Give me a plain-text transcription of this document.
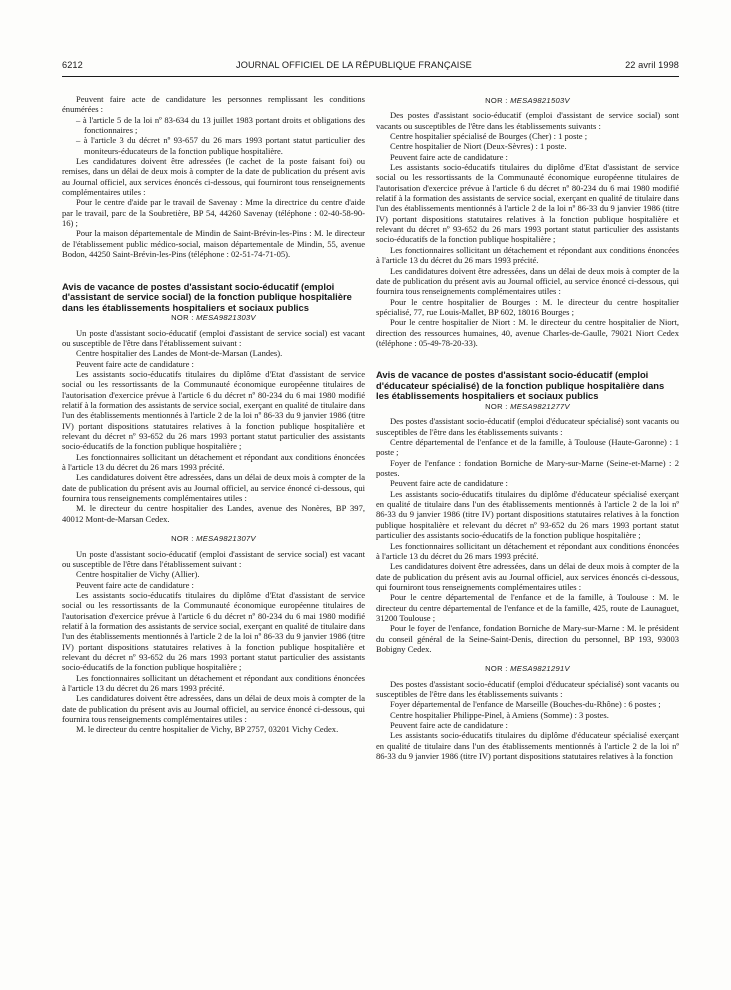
6212	JOURNAL OFFICIEL DE LA RÉPUBLIQUE FRANÇAISE	22 avril 1998

Peuvent faire acte de candidature les personnes remplissant les conditions énumérées :

– à l'article 5 de la loi nº 83-634 du 13 juillet 1983 portant droits et obligations des fonctionnaires ;
– à l'article 3 du décret nº 93-657 du 26 mars 1993 portant statut particulier des moniteurs-éducateurs de la fonction publique hospitalière.

Les candidatures doivent être adressées (le cachet de la poste faisant foi) ou remises, dans un délai de deux mois à compter de la date de publication du présent avis au Journal officiel, aux services énoncés ci-dessous, qui fourniront tous renseignements complémentaires utiles :

Pour le centre d'aide par le travail de Savenay : Mme la directrice du centre d'aide par le travail, parc de la Soubretière, BP 54, 44260 Savenay (téléphone : 02-40-58-90-16) ;

Pour la maison départementale de Mindin de Saint-Brévin-les-Pins : M. le directeur de l'établissement public médico-social, maison départementale de Mindin, 55, avenue Bodon, 44250 Saint-Brévin-les-Pins (téléphone : 02-51-74-71-05).

Avis de vacance de postes d'assistant socio-éducatif (emploi d'assistant de service social) de la fonction publique hospitalière dans les établissements hospitaliers et sociaux publics

NOR : MESA9821303V

Un poste d'assistant socio-éducatif (emploi d'assistant de service social) est vacant ou susceptible de l'être dans l'établissement suivant :

Centre hospitalier des Landes de Mont-de-Marsan (Landes).

Peuvent faire acte de candidature :

Les assistants socio-éducatifs titulaires du diplôme d'Etat d'assistant de service social ou les ressortissants de la Communauté économique européenne titulaires de l'autorisation d'exercice prévue à l'article 6 du décret nº 80-234 du 6 mai 1980 modifié relatif à la formation des assistants de service social, exerçant en qualité de titulaire dans l'un des établissements mentionnés à l'article 2 de la loi nº 86-33 du 9 janvier 1986 (titre IV) portant dispositions statutaires relatives à la fonction publique hospitalière et relevant du décret nº 93-652 du 26 mars 1993 portant statut particulier des assistants socio-éducatifs de la fonction publique hospitalière ;

Les fonctionnaires sollicitant un détachement et répondant aux conditions énoncées à l'article 13 du décret du 26 mars 1993 précité.

Les candidatures doivent être adressées, dans un délai de deux mois à compter de la date de publication du présent avis au Journal officiel, au service énoncé ci-dessous, qui fournira tous renseignements complémentaires utiles :

M. le directeur du centre hospitalier des Landes, avenue des Nonères, BP 397, 40012 Mont-de-Marsan Cedex.

NOR : MESA9821307V

Un poste d'assistant socio-éducatif (emploi d'assistant de service social) est vacant ou susceptible de l'être dans l'établissement suivant :

Centre hospitalier de Vichy (Allier).

Peuvent faire acte de candidature :

Les assistants socio-éducatifs titulaires du diplôme d'Etat d'assistant de service social ou les ressortissants de la Communauté économique européenne titulaires de l'autorisation d'exercice prévue à l'article 6 du décret nº 80-234 du 6 mai 1980 modifié relatif à la formation des assistants de service social, exerçant en qualité de titulaire dans l'un des établissements mentionnés à l'article 2 de la loi nº 86-33 du 9 janvier 1986 (titre IV) portant dispositions statutaires relatives à la fonction publique hospitalière et relevant du décret nº 93-652 du 26 mars 1993 portant statut particulier des assistants socio-éducatifs de la fonction publique hospitalière ;

Les fonctionnaires sollicitant un détachement et répondant aux conditions énoncées à l'article 13 du décret du 26 mars 1993 précité.

Les candidatures doivent être adressées, dans un délai de deux mois à compter de la date de publication du présent avis au Journal officiel, au service énoncé ci-dessous, qui fournira tous renseignements complémentaires utiles :

M. le directeur du centre hospitalier de Vichy, BP 2757, 03201 Vichy Cedex.

NOR : MESA9821503V

Des postes d'assistant socio-éducatif (emploi d'assistant de service social) sont vacants ou susceptibles de l'être dans les établissements suivants :

Centre hospitalier spécialisé de Bourges (Cher) : 1 poste ;

Centre hospitalier de Niort (Deux-Sèvres) : 1 poste.

Peuvent faire acte de candidature :

Les assistants socio-éducatifs titulaires du diplôme d'Etat d'assistant de service social ou les ressortissants de la Communauté économique européenne titulaires de l'autorisation d'exercice prévue à l'article 6 du décret nº 80-234 du 6 mai 1980 modifié relatif à la formation des assistants de service social, exerçant en qualité de titulaire dans l'un des établissements mentionnés à l'article 2 de la loi nº 86-33 du 9 janvier 1986 (titre IV) portant dispositions statutaires relatives à la fonction publique hospitalière et relevant du décret nº 93-652 du 26 mars 1993 portant statut particulier des assistants socio-éducatifs de la fonction publique hospitalière ;

Les fonctionnaires sollicitant un détachement et répondant aux conditions énoncées à l'article 13 du décret du 26 mars 1993 précité.

Les candidatures doivent être adressées, dans un délai de deux mois à compter de la date de publication du présent avis au Journal officiel, au service énoncé ci-dessous, qui fournira tous renseignements complémentaires utiles :

Pour le centre hospitalier de Bourges : M. le directeur du centre hospitalier spécialisé, 77, rue Louis-Mallet, BP 602, 18016 Bourges ;

Pour le centre hospitalier de Niort : M. le directeur du centre hospitalier de Niort, direction des ressources humaines, 40, avenue Charles-de-Gaulle, 79021 Niort Cedex (téléphone : 05-49-78-20-33).

Avis de vacance de postes d'assistant socio-éducatif (emploi d'éducateur spécialisé) de la fonction publique hospitalière dans les établissements hospitaliers et sociaux publics

NOR : MESA9821277V

Des postes d'assistant socio-éducatif (emploi d'éducateur spécialisé) sont vacants ou susceptibles de l'être dans les établissements suivants :

Centre départemental de l'enfance et de la famille, à Toulouse (Haute-Garonne) : 1 poste ;

Foyer de l'enfance : fondation Borniche de Mary-sur-Marne (Seine-et-Marne) : 2 postes.

Peuvent faire acte de candidature :

Les assistants socio-éducatifs titulaires du diplôme d'éducateur spécialisé exerçant en qualité de titulaire dans l'un des établissements mentionnés à l'article 2 de la loi nº 86-33 du 9 janvier 1986 (titre IV) portant dispositions statutaires relatives à la fonction publique hospitalière et relevant du décret nº 93-652 du 26 mars 1993 portant statut particulier des assistants socio-éducatifs de la fonction publique hospitalière ;

Les fonctionnaires sollicitant un détachement et répondant aux conditions énoncées à l'article 13 du décret du 26 mars 1993 précité.

Les candidatures doivent être adressées, dans un délai de deux mois à compter de la date de publication du présent avis au Journal officiel, aux services énoncés ci-dessous, qui fourniront tous renseignements complémentaires utiles :

Pour le centre départemental de l'enfance et de la famille, à Toulouse : M. le directeur du centre départemental de l'enfance et de la famille, 425, route de Launaguet, 31200 Toulouse ;

Pour le foyer de l'enfance, fondation Borniche de Mary-sur-Marne : M. le président du conseil général de la Seine-Saint-Denis, direction du personnel, BP 193, 93003 Bobigny Cedex.

NOR : MESA9821291V

Des postes d'assistant socio-éducatif (emploi d'éducateur spécialisé) sont vacants ou susceptibles de l'être dans les établissements suivants :

Foyer départemental de l'enfance de Marseille (Bouches-du-Rhône) : 6 postes ;

Centre hospitalier Philippe-Pinel, à Amiens (Somme) : 3 postes.

Peuvent faire acte de candidature :

Les assistants socio-éducatifs titulaires du diplôme d'éducateur spécialisé exerçant en qualité de titulaire dans l'un des établissements mentionnés à l'article 2 de la loi nº 86-33 du 9 janvier 1986 (titre IV) portant dispositions statutaires relatives à la fonction
